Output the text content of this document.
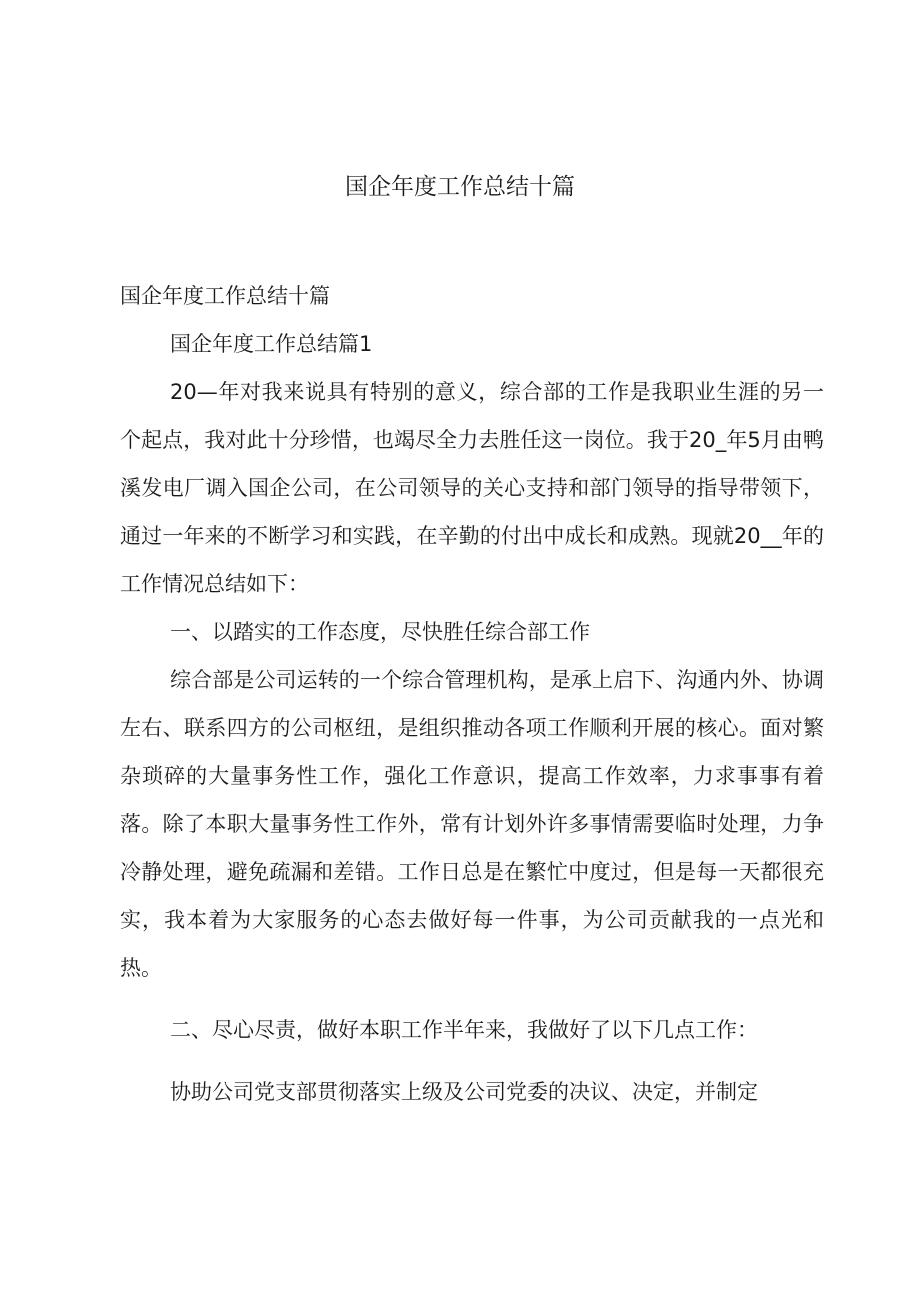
国企年度工作总结十篇

国企年度工作总结十篇

国企年度工作总结篇1

20—年对我来说具有特别的意义，综合部的工作是我职业生涯的另一个起点，我对此十分珍惜，也竭尽全力去胜任这一岗位。我于20_年5月由鸭溪发电厂调入国企公司，在公司领导的关心支持和部门领导的指导带领下，通过一年来的不断学习和实践，在辛勤的付出中成长和成熟。现就20__年的工作情况总结如下：

一、以踏实的工作态度，尽快胜任综合部工作

综合部是公司运转的一个综合管理机构，是承上启下、沟通内外、协调左右、联系四方的公司枢纽，是组织推动各项工作顺利开展的核心。面对繁杂琐碎的大量事务性工作，强化工作意识，提高工作效率，力求事事有着落。除了本职大量事务性工作外，常有计划外许多事情需要临时处理，力争冷静处理，避免疏漏和差错。工作日总是在繁忙中度过，但是每一天都很充实，我本着为大家服务的心态去做好每一件事，为公司贡献我的一点光和热。

二、尽心尽责，做好本职工作半年来，我做好了以下几点工作：

协助公司党支部贯彻落实上级及公司党委的决议、决定，并制定
